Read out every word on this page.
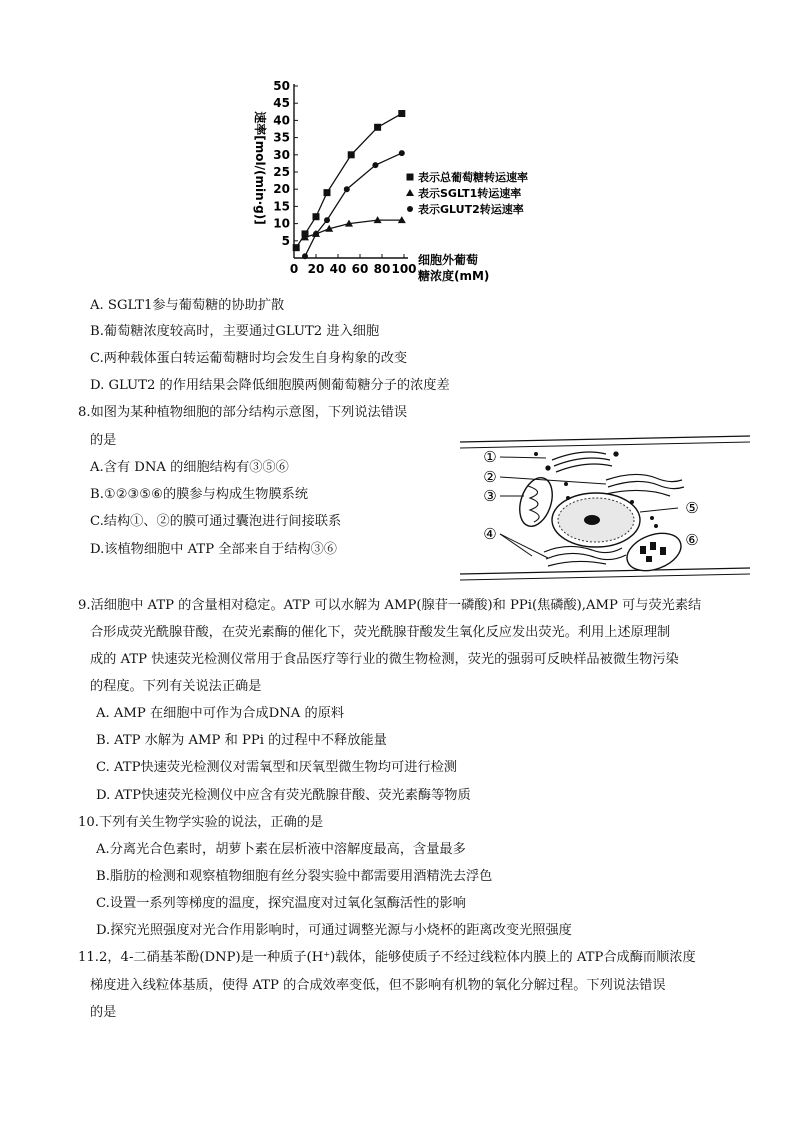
0 20 40 60 80 100
5
10
15
20
25
30
35
40
45
50
表示总葡萄糖转运速率
表示SGLT1转运速率
表示GLUT2转运速率
速率[mol/(min·g)]
细胞外葡萄
糖浓度(mM)
A. SGLT1参与葡萄糖的协助扩散
B.葡萄糖浓度较高时，主要通过GLUT2 进入细胞
C.两种载体蛋白转运葡萄糖时均会发生自身构象的改变
D. GLUT2 的作用结果会降低细胞膜两侧葡萄糖分子的浓度差
8.如图为某种植物细胞的部分结构示意图，下列说法错误
的是
A.含有 DNA 的细胞结构有③⑤⑥
B.①②③⑤⑥的膜参与构成生物膜系统
C.结构①、②的膜可通过囊泡进行间接联系
D.该植物细胞中 ATP 全部来自于结构③⑥
①
②
③
④
⑤
⑥
9.活细胞中 ATP 的含量相对稳定。ATP 可以水解为 AMP(腺苷一磷酸)和 PPi(焦磷酸),AMP 可与荧光素结
合形成荧光酰腺苷酸，在荧光素酶的催化下，荧光酰腺苷酸发生氧化反应发出荧光。利用上述原理制
成的 ATP 快速荧光检测仪常用于食品医疗等行业的微生物检测，荧光的强弱可反映样品被微生物污染
的程度。下列有关说法正确是
A. AMP 在细胞中可作为合成DNA 的原料
B. ATP 水解为 AMP 和 PPi 的过程中不释放能量
C. ATP快速荧光检测仪对需氧型和厌氧型微生物均可进行检测
D. ATP快速荧光检测仪中应含有荧光酰腺苷酸、荧光素酶等物质
10.下列有关生物学实验的说法，正确的是
A.分离光合色素时，胡萝卜素在层析液中溶解度最高，含量最多
B.脂肪的检测和观察植物细胞有丝分裂实验中都需要用酒精洗去浮色
C.设置一系列等梯度的温度，探究温度对过氧化氢酶活性的影响
D.探究光照强度对光合作用影响时，可通过调整光源与小烧杯的距离改变光照强度
11.2，4-二硝基苯酚(DNP)是一种质子(H⁺)载体，能够使质子不经过线粒体内膜上的 ATP合成酶而顺浓度
梯度进入线粒体基质，使得 ATP 的合成效率变低，但不影响有机物的氧化分解过程。下列说法错误
的是
